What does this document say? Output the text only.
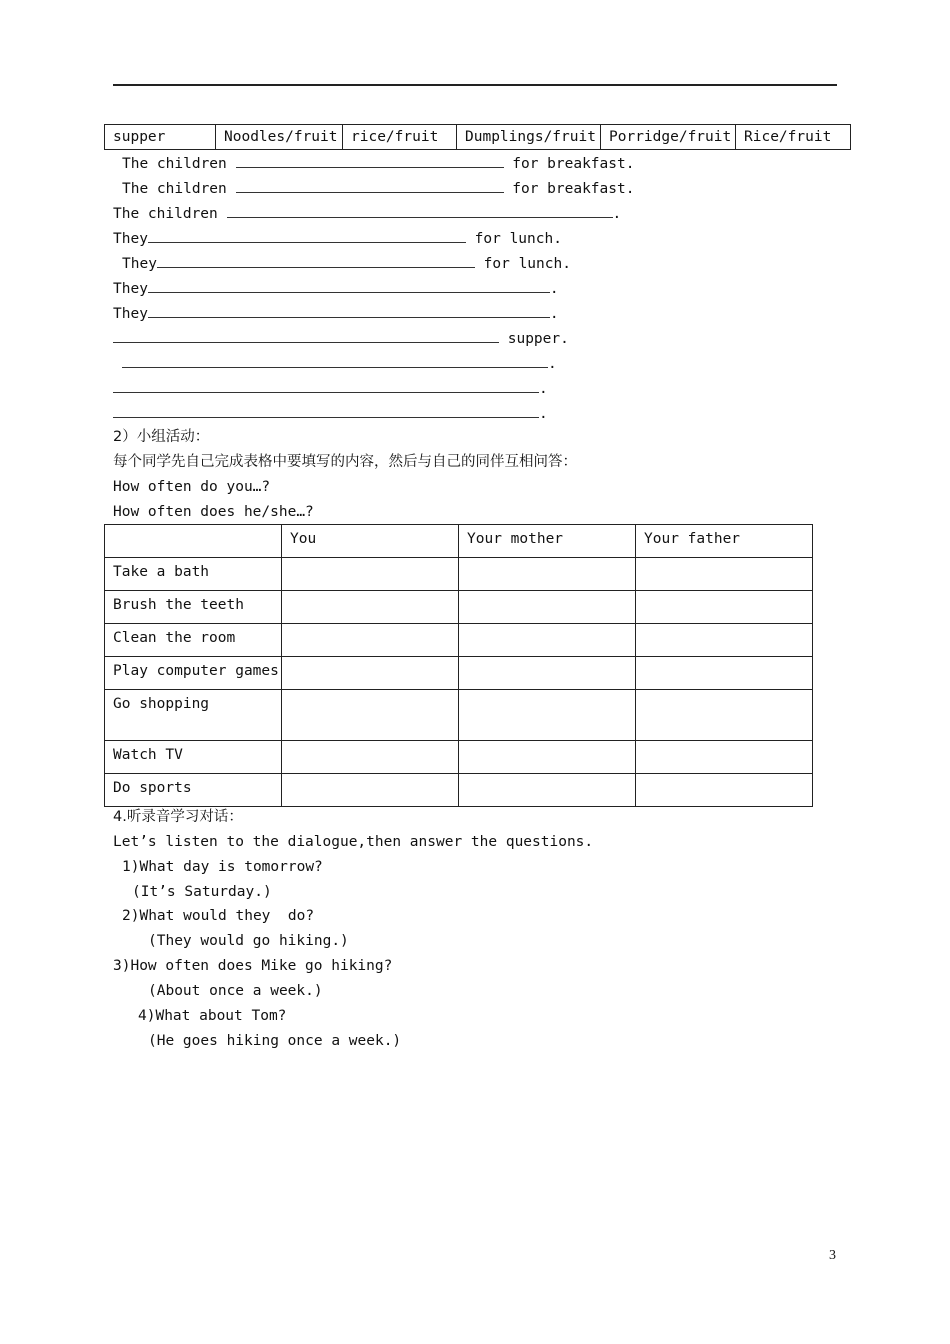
supper	Noodles/fruit	rice/fruit	Dumplings/fruit	Porridge/fruit	Rice/fruit
The children	for breakfast.
The children	for breakfast.
The children	.
They	for lunch.
They	for lunch.
They	.
They	.
supper.
.
.
.
2）小组活动：
每个同学先自己完成表格中要填写的内容，然后与自己的同伴互相问答：
How often do you…?
How often does he/she…?
	You	Your mother	Your father
Take a bath			
Brush the teeth			
Clean the room			
Play computer games			
Go shopping			
Watch TV			
Do sports			
4.听录音学习对话：
Let’s listen to the dialogue,then answer the questions.
1)What day is tomorrow?
(It’s Saturday.)
2)What would they  do?
(They would go hiking.)
3)How often does Mike go hiking?
(About once a week.)
4)What about Tom?
(He goes hiking once a week.)
3
